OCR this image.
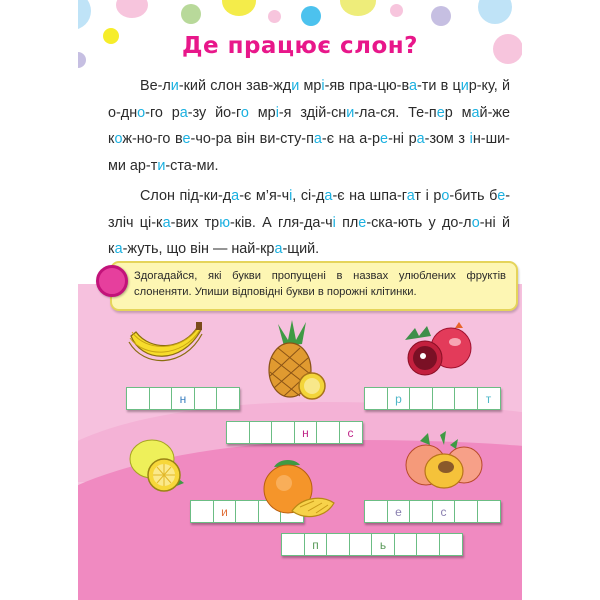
Де працює слон?

Ве-ли-кий слон зав-жди мрі-яв пра-цю-ва-ти в цир-ку, й о-дно-го ра-зу йо-го мрі-я здій-сни-ла-ся. Те-пер май-же кож-но-го ве-чо-ра він ви-сту-па-є на а-ре-ні ра-зом з ін-ши-ми ар-ти-ста-ми.

Слон під-ки-да-є м’я-чі, сі-да-є на шпа-гат і ро-бить бе-зліч ці-ка-вих трю-ків. А гля-да-чі пле-ска-ють у до-ло-ні й ка-жуть, що він — най-кра-щий.

Здогадайся, які букви пропущені в назвах улюблених фруктів слоненяти. Упиши відповідні букви в порожні клітинки.
н
н	с
р	т
и
п	ь
е	с
